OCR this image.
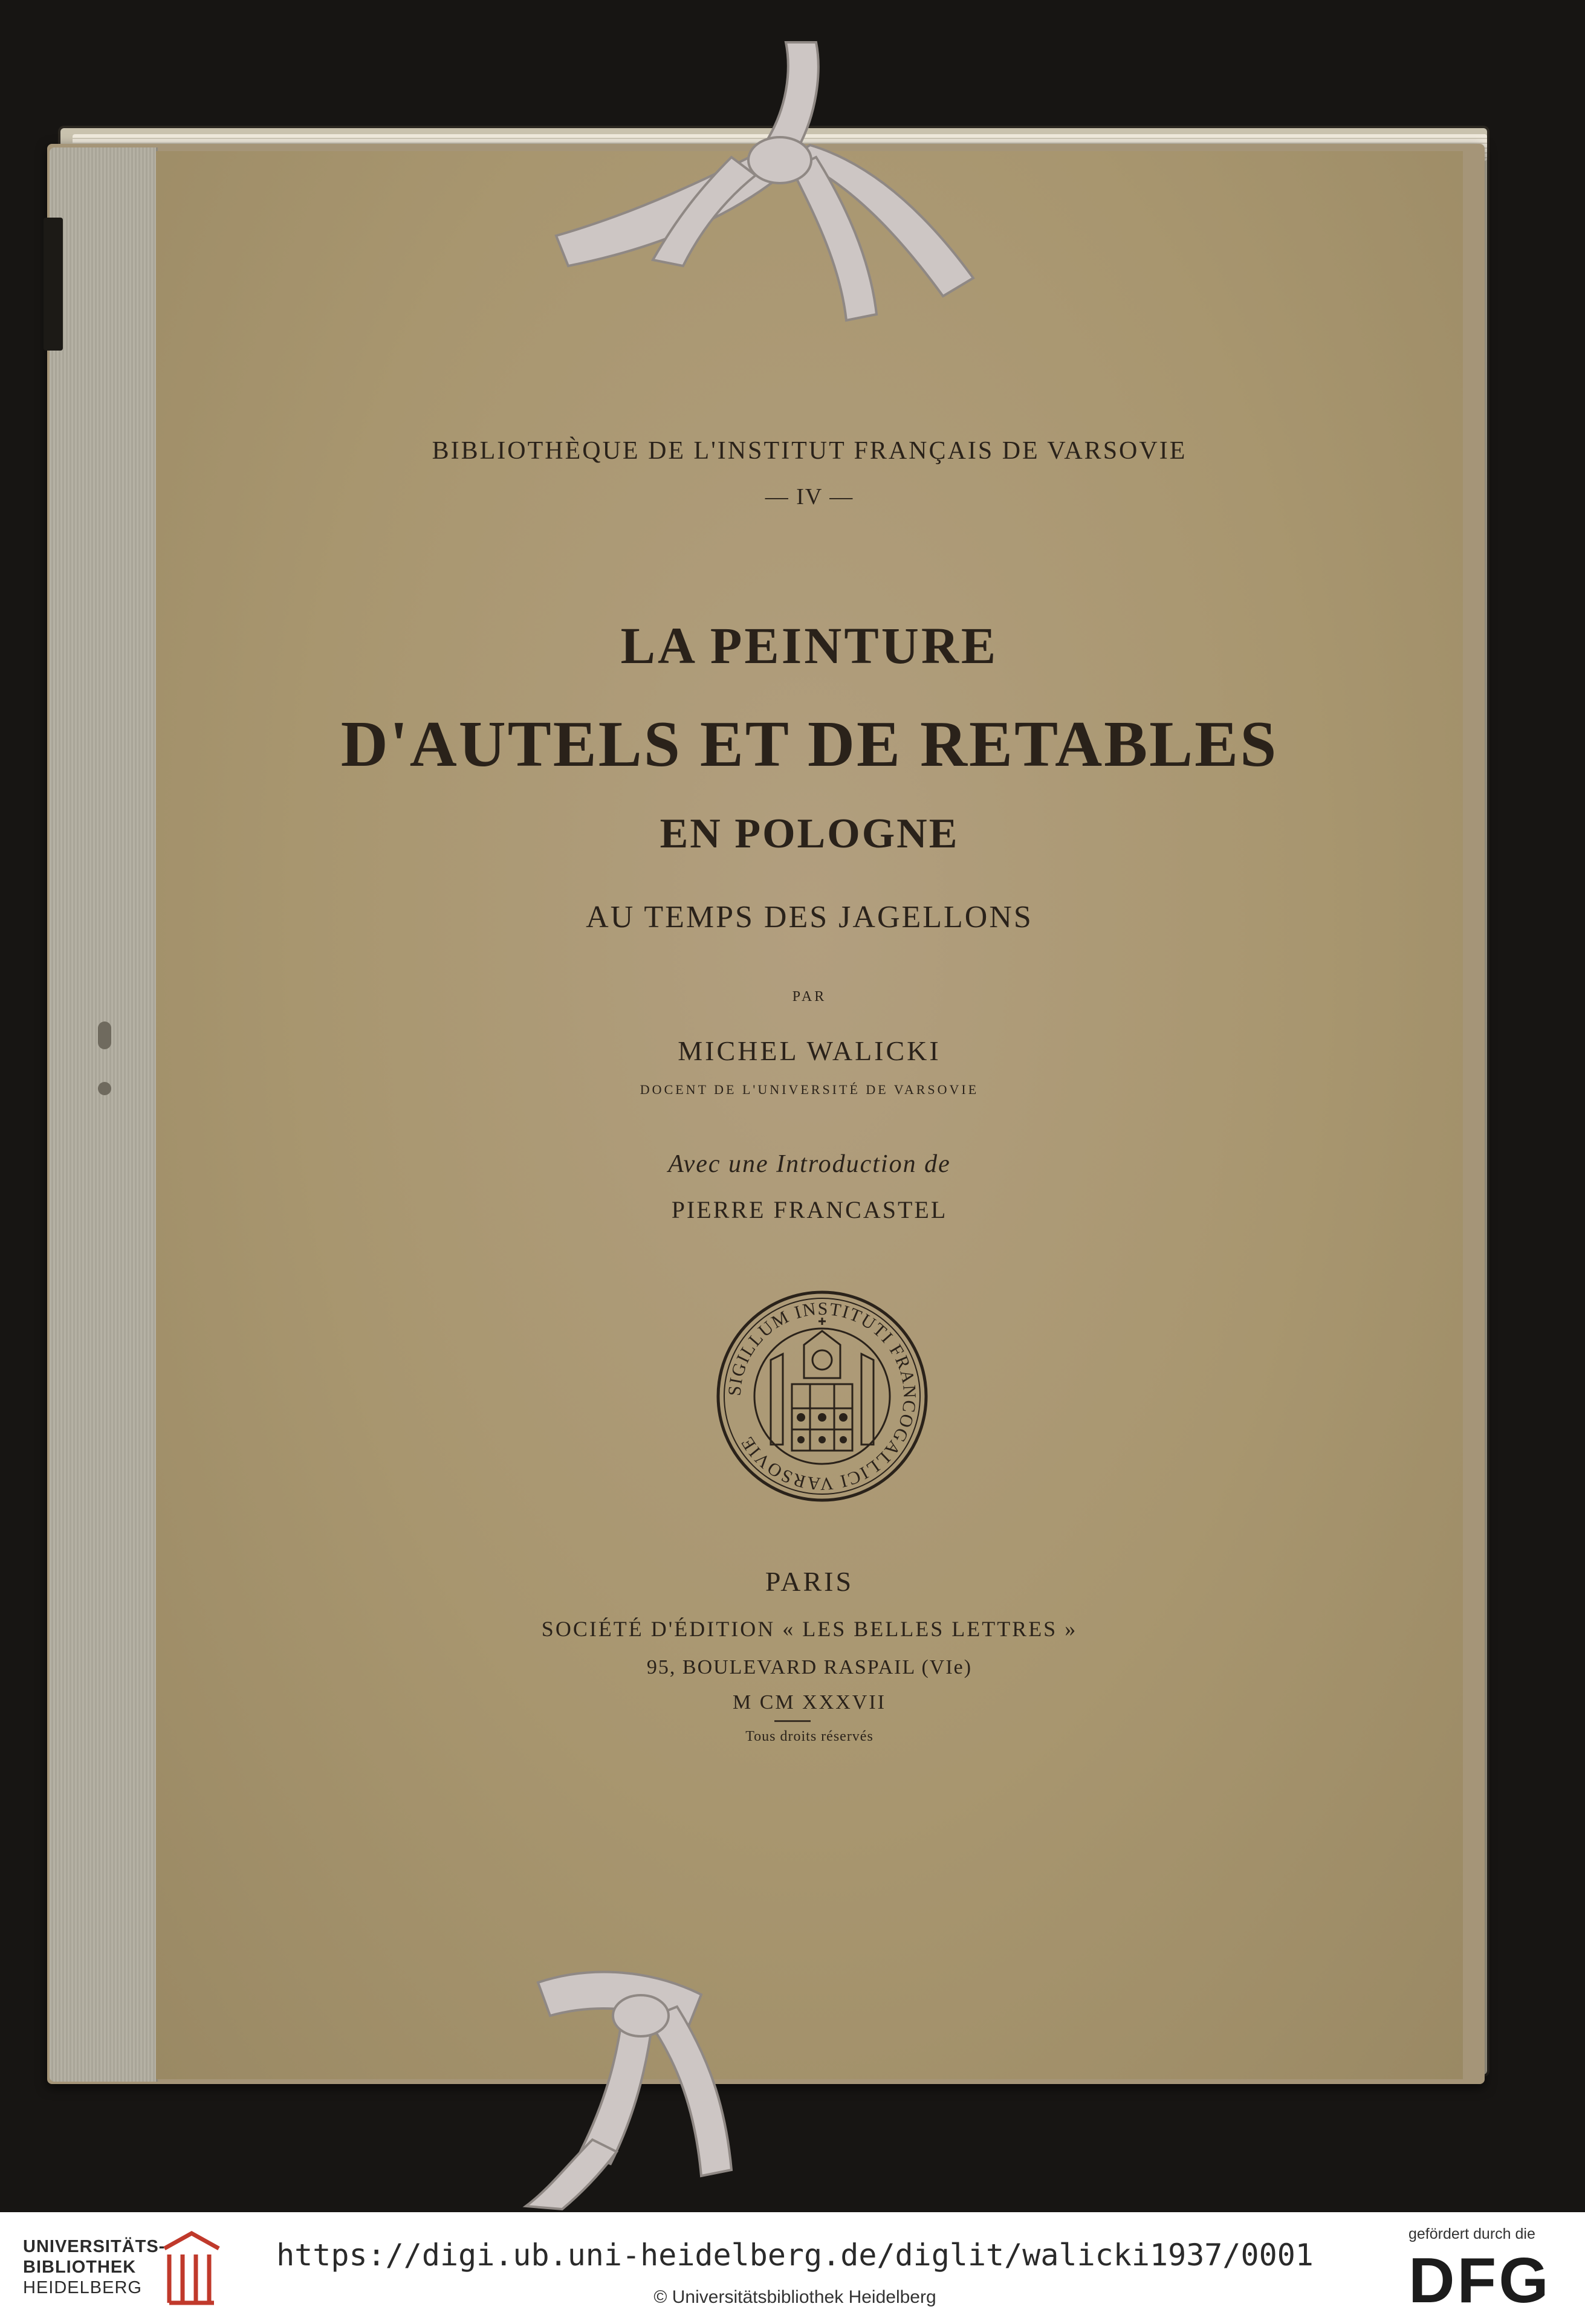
BIBLIOTHÈQUE DE L'INSTITUT FRANÇAIS DE VARSOVIE

— IV —

LA PEINTURE

D'AUTELS ET DE RETABLES

EN POLOGNE

AU TEMPS DES JAGELLONS

PAR

MICHEL WALICKI

DOCENT DE L'UNIVERSITÉ DE VARSOVIE

Avec une Introduction de

PIERRE FRANCASTEL

SIGILLUM INSTITUTI FRANCOGALLICI VARSOVIE

PARIS

SOCIÉTÉ D'ÉDITION « LES BELLES LETTRES »

95, BOULEVARD RASPAIL (VIe)

M CM XXXVII

Tous droits réservés

UNIVERSITÄTS-
BIBLIOTHEK
HEIDELBERG
https://digi.ub.uni-heidelberg.de/diglit/walicki1937/0001
© Universitätsbibliothek Heidelberg
gefördert durch die
DFG
